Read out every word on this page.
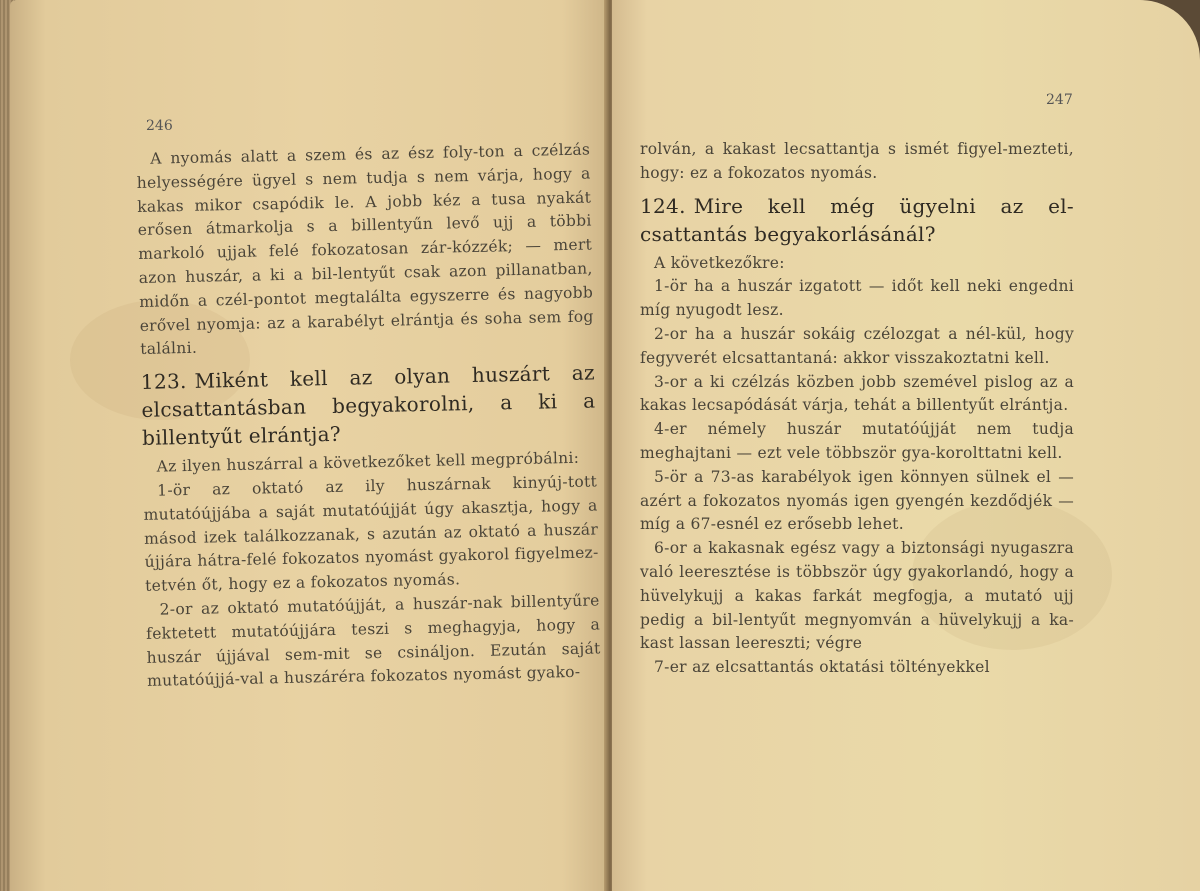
246
247

A nyomás alatt a szem és az ész foly-ton a czélzás helyességére ügyel s nem tudja s nem várja, hogy a kakas mikor csapódik le. A jobb kéz a tusa nyakát erősen átmarkolja s a billentyűn levő ujj a többi markoló ujjak felé fokozatosan zár-kózzék; — mert azon huszár, a ki a bil-lentyűt csak azon pillanatban, midőn a czél-pontot megtalálta egyszerre és nagyobb erővel nyomja: az a karabélyt elrántja és soha sem fog találni.

123. Miként kell az olyan huszárt az elcsattantásban begyakorolni, a ki a billentyűt elrántja?

Az ilyen huszárral a következőket kell megpróbálni:

1-ör az oktató az ily huszárnak kinyúj-tott mutatóújjába a saját mutatóújját úgy akasztja, hogy a másod izek találkozzanak, s azután az oktató a huszár újjára hátra-felé fokozatos nyomást gyakorol figyelmez-tetvén őt, hogy ez a fokozatos nyomás.

2-or az oktató mutatóújját, a huszár-nak billentyűre fektetett mutatóújjára teszi s meghagyja, hogy a huszár újjával sem-mit se csináljon. Ezután saját mutatóújjá-val a huszáréra fokozatos nyomást gyako-

rolván, a kakast lecsattantja s ismét figyel-mezteti, hogy: ez a fokozatos nyomás.

124. Mire kell még ügyelni az el-csattantás begyakorlásánál?

A következőkre:

1-ör ha a huszár izgatott — időt kell neki engedni míg nyugodt lesz.

2-or ha a huszár sokáig czélozgat a nél-kül, hogy fegyverét elcsattantaná: akkor visszakoztatni kell.

3-or a ki czélzás közben jobb szemével pislog az a kakas lecsapódását várja, tehát a billentyűt elrántja.

4-er némely huszár mutatóújját nem tudja meghajtani — ezt vele többször gya-korolttatni kell.

5-ör a 73-as karabélyok igen könnyen sülnek el — azért a fokozatos nyomás igen gyengén kezdődjék — míg a 67-esnél ez erősebb lehet.

6-or a kakasnak egész vagy a biztonsági nyugaszra való leeresztése is többször úgy gyakorlandó, hogy a hüvelykujj a kakas farkát megfogja, a mutató ujj pedig a bil-lentyűt megnyomván a hüvelykujj a ka-kast lassan leereszti; végre

7-er az elcsattantás oktatási töltényekkel
